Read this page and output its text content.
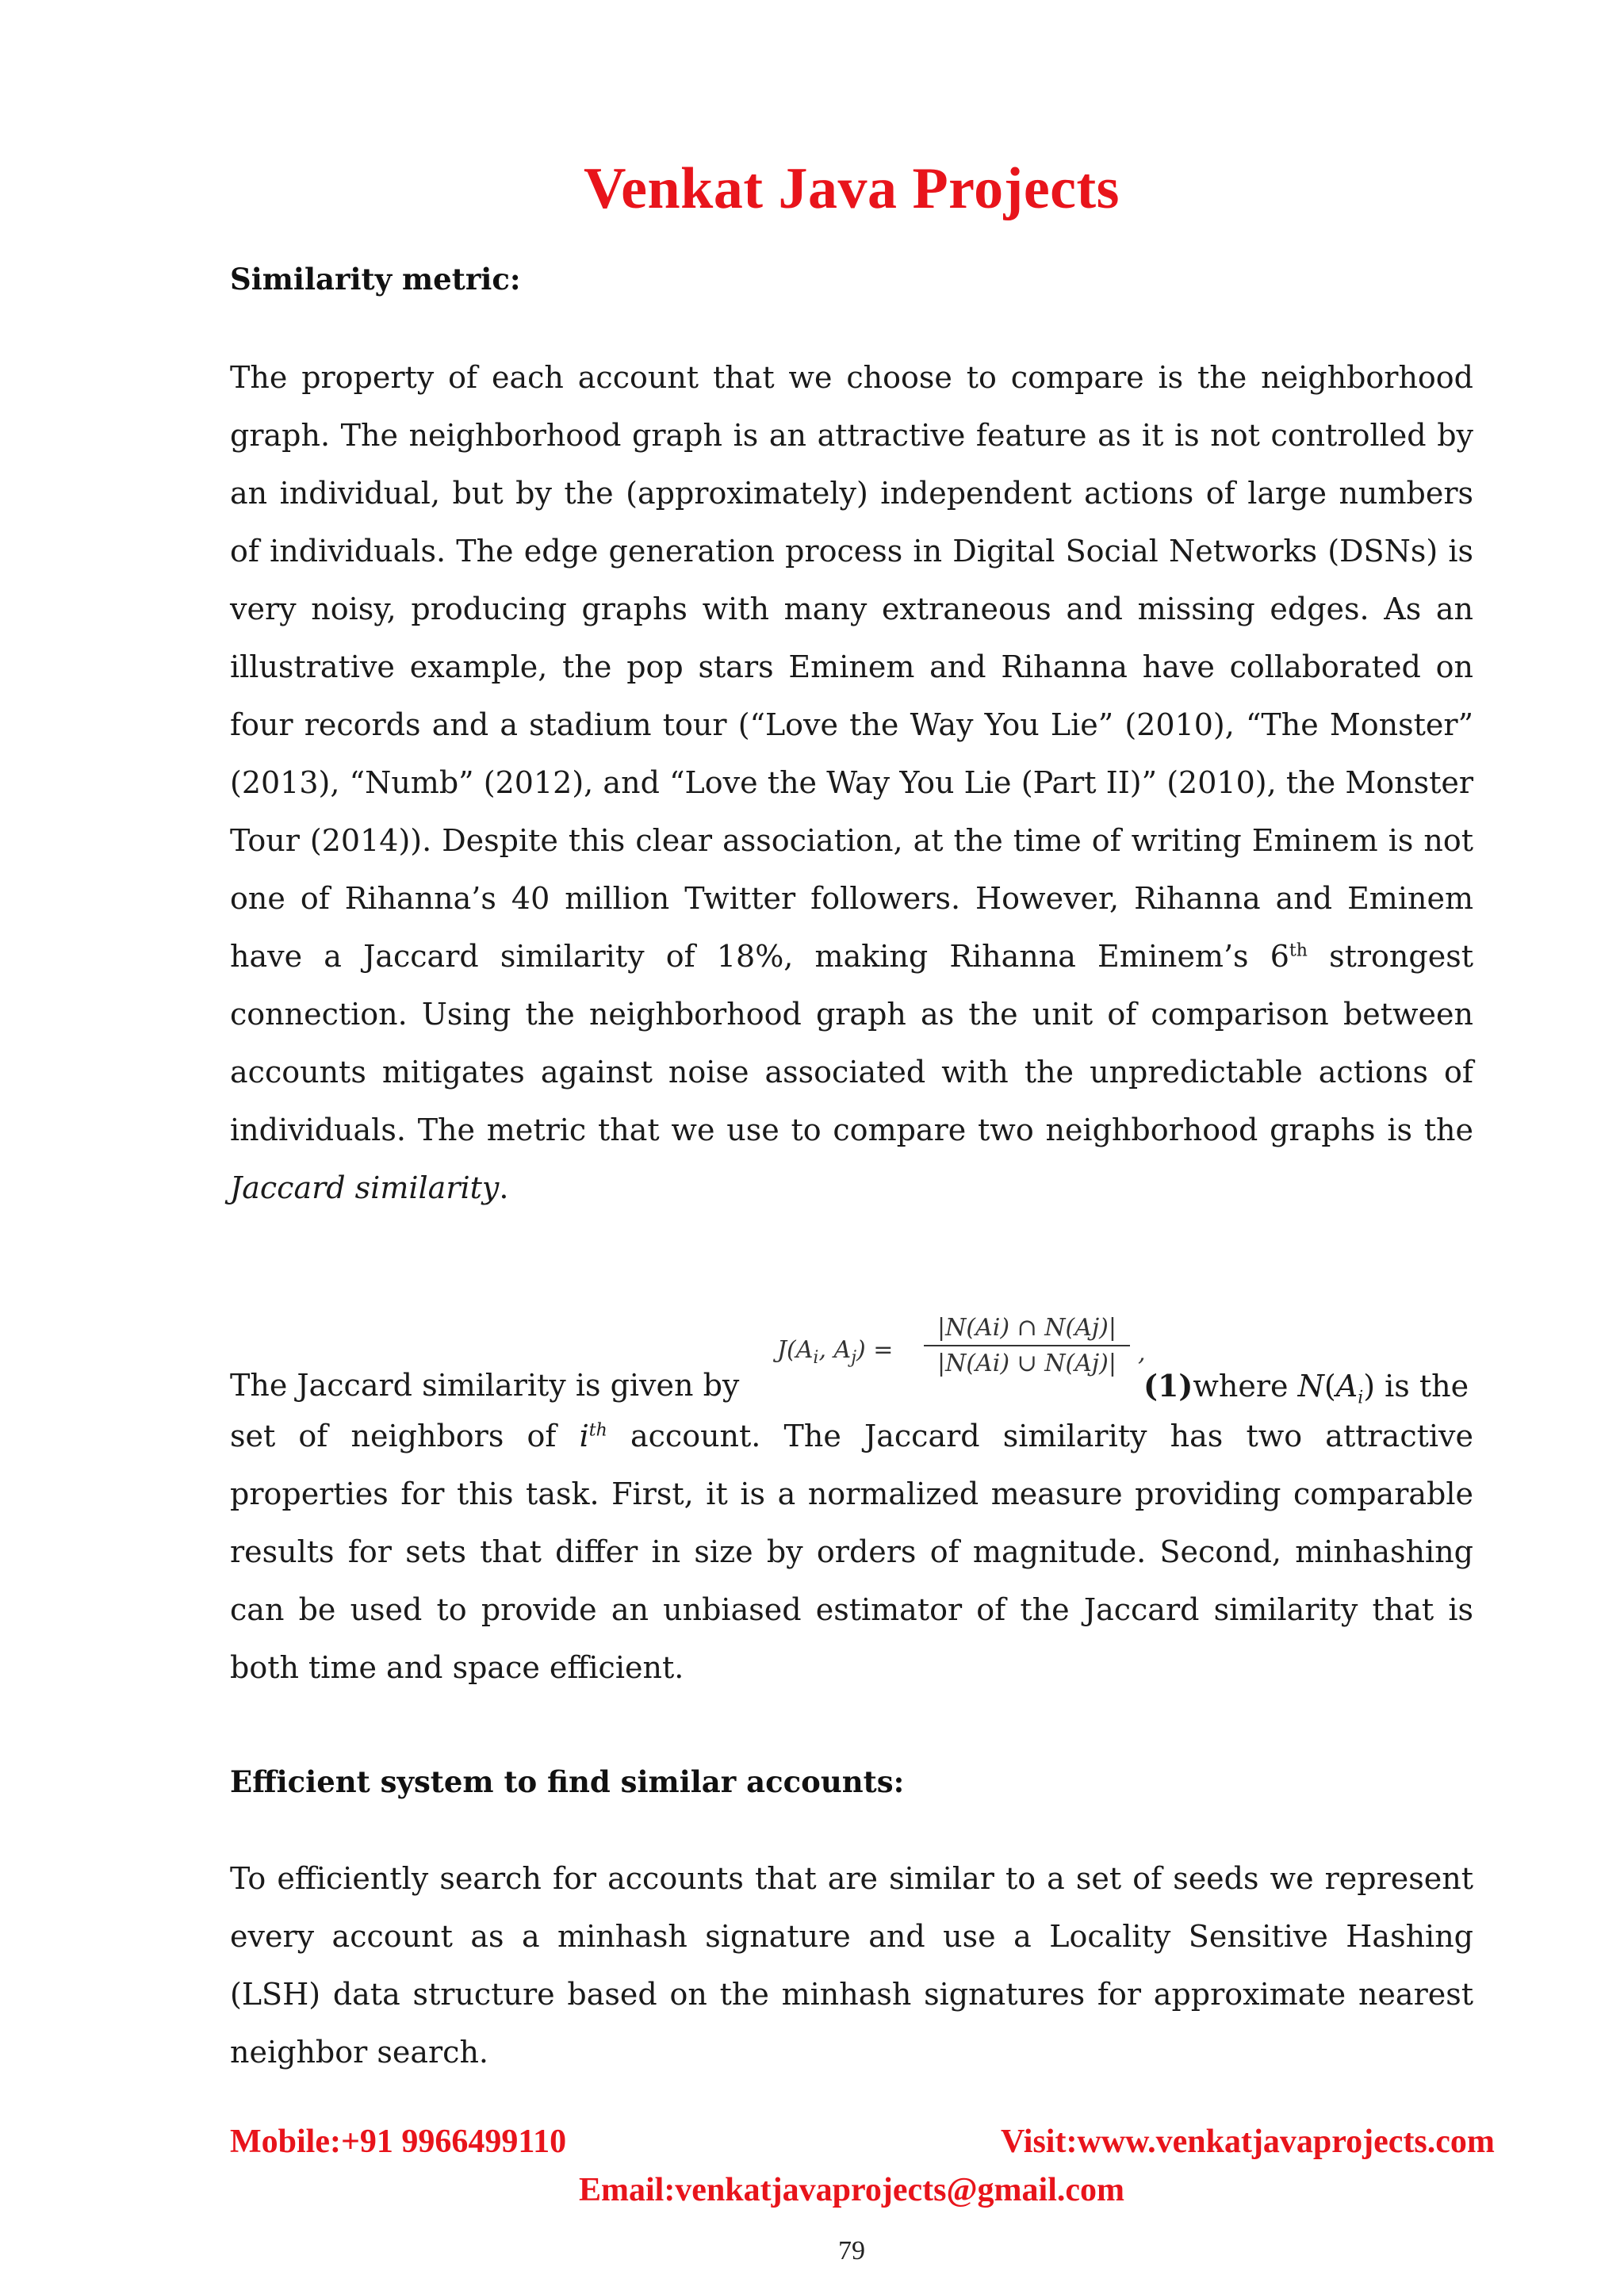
Venkat Java Projects
Similarity metric:

The property of each account that we choose to compare is the neighborhood graph. The neighborhood graph is an attractive feature as it is not controlled by an individual, but by the (approximately) independent actions of large numbers of individuals. The edge generation process in Digital Social Networks (DSNs) is very noisy, producing graphs with many extraneous and missing edges. As an illustrative example, the pop stars Eminem and Rihanna have collaborated on four records and a stadium tour (“Love the Way You Lie” (2010), “The Monster” (2013), “Numb” (2012), and “Love the Way You Lie (Part II)” (2010), the Monster Tour (2014)). Despite this clear association, at the time of writing Eminem is not one of Rihanna’s 40 million Twitter followers. However, Rihanna and Eminem have a Jaccard similarity of 18%, making Rihanna Eminem’s 6th strongest connection. Using the neighborhood graph as the unit of comparison between accounts mitigates against noise associated with the unpredictable actions of individuals. The metric that we use to compare two neighborhood graphs is the Jaccard similarity.

The Jaccard similarity is given by
$J(A_i$, $A_j$) =
|N(Ai) ∩ N(Aj)|
|N(Ai) ∪ N(Aj)| ,
(1)where $N(A_i)$ is the

set of neighbors of $i^{th}$ account. The Jaccard similarity has two attractive properties for this task. First, it is a normalized measure providing comparable results for sets that differ in size by orders of magnitude. Second, minhashing can be used to provide an unbiased estimator of the Jaccard similarity that is both time and space efficient.

Efficient system to find similar accounts:

To efficiently search for accounts that are similar to a set of seeds we represent every account as a minhash signature and use a Locality Sensitive Hashing (LSH) data structure based on the minhash signatures for approximate nearest neighbor search.

Mobile:+91 9966499110	Visit:www.venkatjavaprojects.com
Email:venkatjavaprojects@gmail.com
79
